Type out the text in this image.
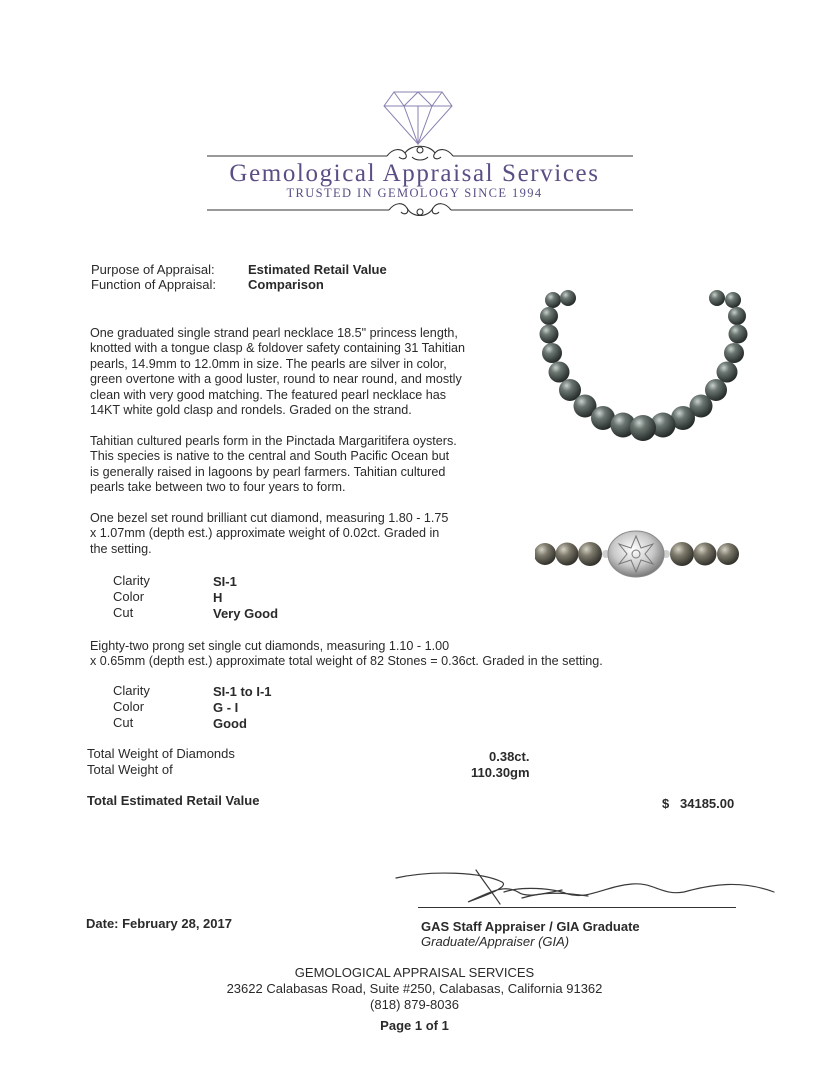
Gemological Appraisal Services
TRUSTED IN GEMOLOGY SINCE 1994
Purpose of Appraisal:	Estimated Retail Value
Function of Appraisal: Comparison
One graduated single strand pearl necklace 18.5" princess length,
knotted with a tongue clasp & foldover safety containing 31 Tahitian
pearls, 14.9mm to 12.0mm in size. The pearls are silver in color,
green overtone with a good luster, round to near round, and mostly
clean with very good matching. The featured pearl necklace has
14KT white gold clasp and rondels. Graded on the strand.
Tahitian cultured pearls form in the Pinctada Margaritifera oysters.
This species is native to the central and South Pacific Ocean but
is generally raised in lagoons by pearl farmers. Tahitian cultured
pearls take between two to four years to form.
One bezel set round brilliant cut diamond, measuring 1.80 - 1.75
x 1.07mm (depth est.) approximate weight of 0.02ct. Graded in
the setting.
Clarity	SI-1
Color	H
Cut	Very Good
Eighty-two prong set single cut diamonds, measuring 1.10 - 1.00
x 0.65mm (depth est.) approximate total weight of 82 Stones = 0.36ct. Graded in the setting.
Clarity	SI-1 to I-1
Color	G - I
Cut	Good
Total Weight of Diamonds	0.38ct.
Total Weight of	110.30gm
Total Estimated Retail Value	$ 34185.00
Date: February 28, 2017	GAS Staff Appraiser / GIA Graduate
Graduate/Appraiser (GIA)
GEMOLOGICAL APPRAISAL SERVICES
23622 Calabasas Road, Suite #250, Calabasas, California 91362
(818) 879-8036
Page 1 of 1
